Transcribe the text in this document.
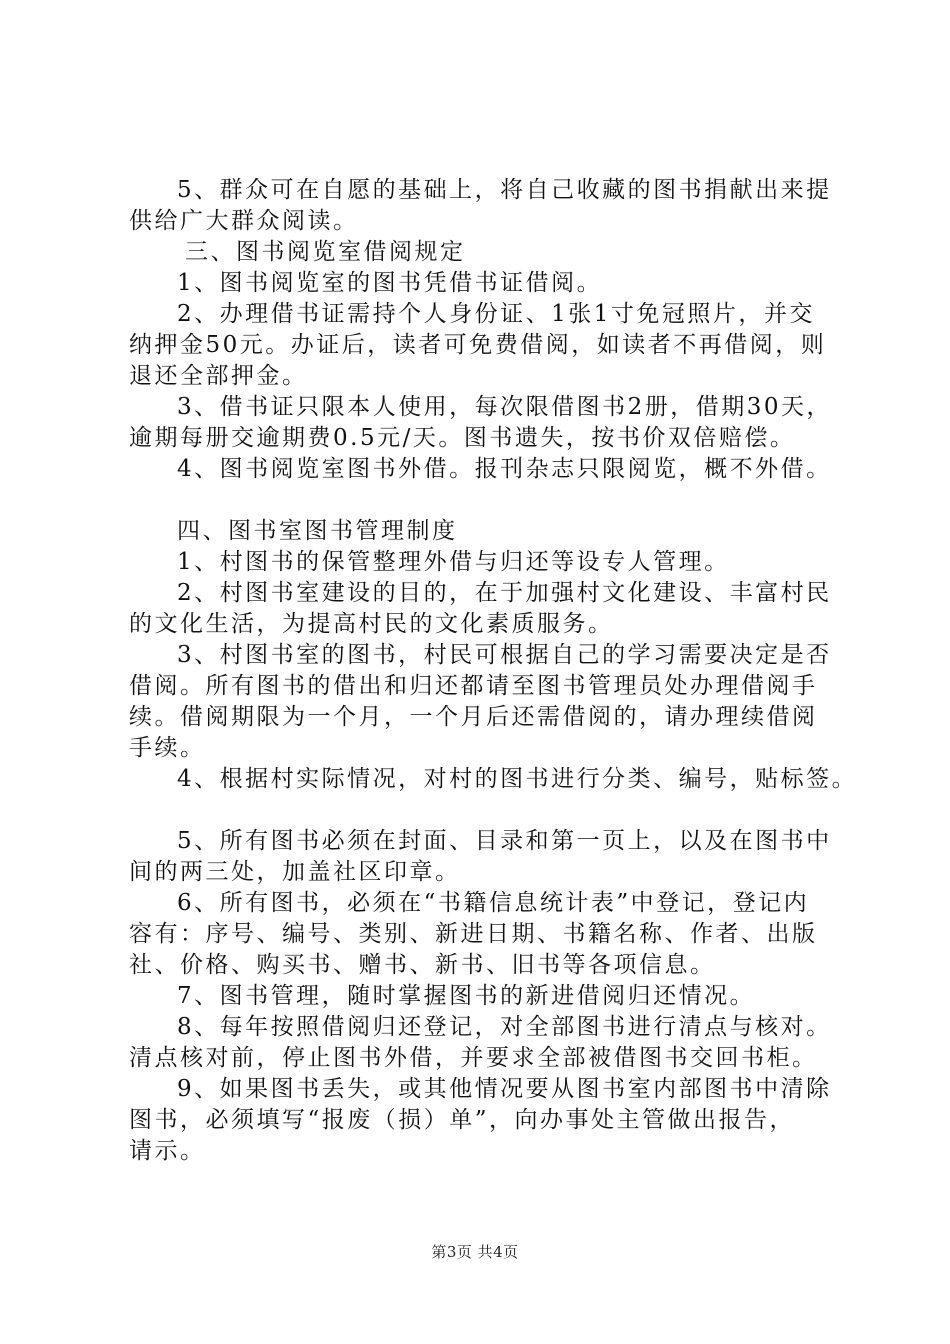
5、群众可在自愿的基础上，将自己收藏的图书捐献出来提
供给广大群众阅读。
三、图书阅览室借阅规定
1、图书阅览室的图书凭借书证借阅。
2、办理借书证需持个人身份证、1张1寸免冠照片，并交
纳押金50元。办证后，读者可免费借阅，如读者不再借阅，则
退还全部押金。
3、借书证只限本人使用，每次限借图书2册，借期30天，
逾期每册交逾期费0.5元/天。图书遗失，按书价双倍赔偿。
4、图书阅览室图书外借。报刊杂志只限阅览，概不外借。
四、图书室图书管理制度
1、村图书的保管整理外借与归还等设专人管理。
2、村图书室建设的目的，在于加强村文化建设、丰富村民
的文化生活，为提高村民的文化素质服务。
3、村图书室的图书，村民可根据自己的学习需要决定是否
借阅。所有图书的借出和归还都请至图书管理员处办理借阅手
续。借阅期限为一个月，一个月后还需借阅的，请办理续借阅
手续。
4、根据村实际情况，对村的图书进行分类、编号，贴标签。
5、所有图书必须在封面、目录和第一页上，以及在图书中
间的两三处，加盖社区印章。
6、所有图书，必须在“书籍信息统计表”中登记，登记内
容有：序号、编号、类别、新进日期、书籍名称、作者、出版
社、价格、购买书、赠书、新书、旧书等各项信息。
7、图书管理，随时掌握图书的新进借阅归还情况。
8、每年按照借阅归还登记，对全部图书进行清点与核对。
清点核对前，停止图书外借，并要求全部被借图书交回书柜。
9、如果图书丢失，或其他情况要从图书室内部图书中清除
图书，必须填写“报废（损）单”，向办事处主管做出报告，
请示。
第3页 共4页
